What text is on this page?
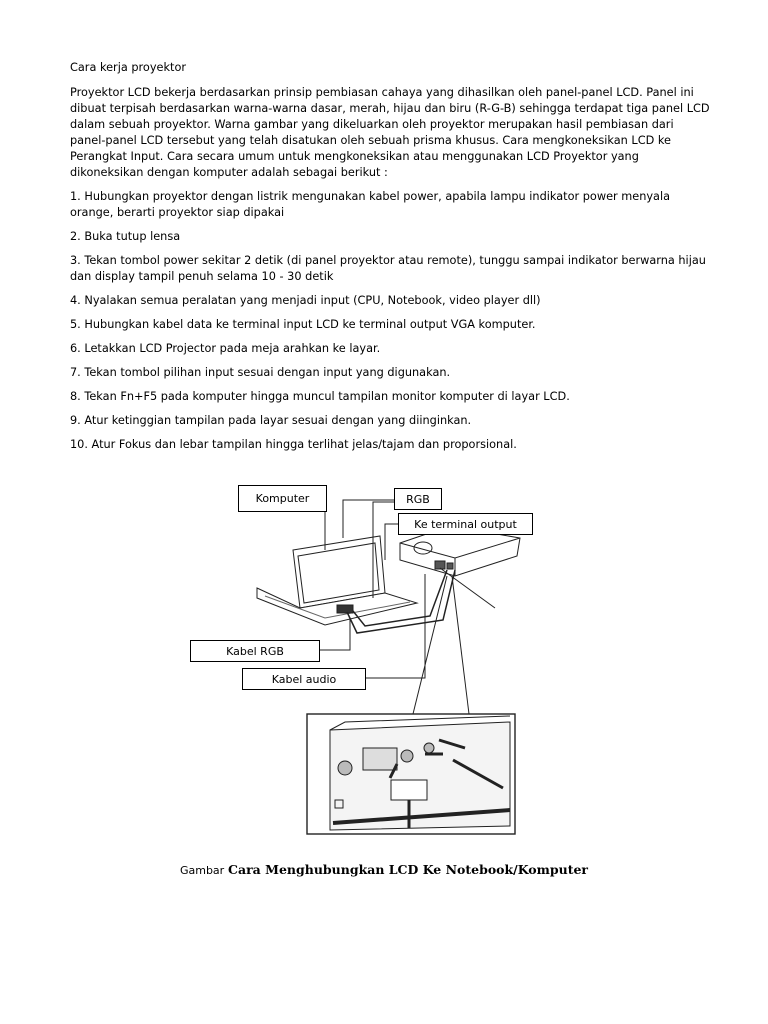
Cara kerja proyektor

Proyektor LCD bekerja berdasarkan prinsip pembiasan cahaya yang dihasilkan oleh panel-panel LCD. Panel ini dibuat terpisah berdasarkan warna-warna dasar, merah, hijau dan biru (R-G-B) sehingga terdapat tiga panel LCD dalam sebuah proyektor. Warna gambar yang dikeluarkan oleh proyektor merupakan hasil pembiasan dari panel-panel LCD tersebut yang telah disatukan oleh sebuah prisma khusus. Cara mengkoneksikan LCD ke Perangkat Input. Cara secara umum untuk mengkoneksikan atau menggunakan LCD Proyektor yang dikoneksikan dengan komputer adalah sebagai berikut :

1. Hubungkan proyektor dengan listrik mengunakan kabel power, apabila lampu indikator power menyala orange, berarti proyektor siap dipakai

2. Buka tutup lensa

3. Tekan tombol power sekitar 2 detik (di panel proyektor atau remote), tunggu sampai indikator berwarna hijau dan display tampil penuh selama 10 - 30 detik

4. Nyalakan semua peralatan yang menjadi input (CPU, Notebook, video player dll)

5. Hubungkan kabel data ke terminal input LCD ke terminal output VGA komputer.

6. Letakkan LCD Projector pada meja arahkan ke layar.

7. Tekan tombol pilihan input sesuai dengan input yang digunakan.

8. Tekan Fn+F5 pada komputer hingga muncul tampilan monitor komputer di layar LCD.

9. Atur ketinggian tampilan pada layar sesuai dengan yang diinginkan.

10. Atur Fokus dan lebar tampilan hingga terlihat jelas/tajam dan proporsional.

Komputer	RGB
Ke terminal output
Kabel RGB
Kabel audio
Gambar Cara Menghubungkan LCD Ke Notebook/Komputer
